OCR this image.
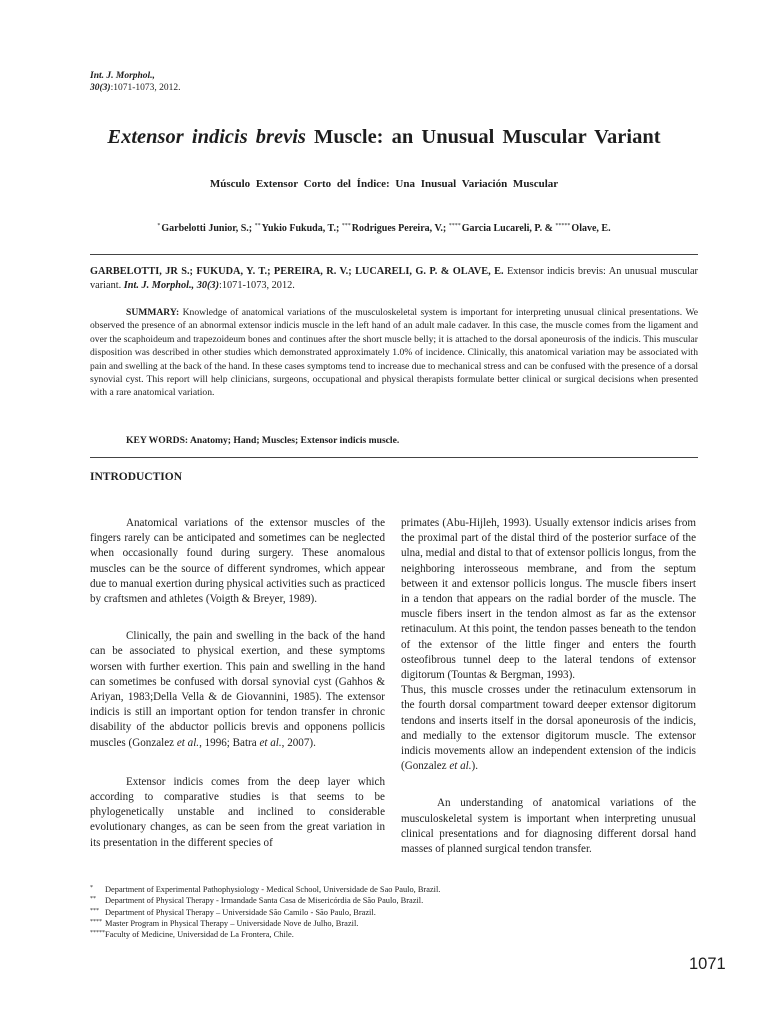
Int. J. Morphol.,
30(3):1071-1073, 2012.
Extensor indicis brevis Muscle: an Unusual Muscular Variant
Músculo Extensor Corto del Índice: Una Inusual Variación Muscular
*Garbelotti Junior, S.; **Yukio Fukuda, T.; ***Rodrigues Pereira, V.; ****Garcia Lucareli, P. & *****Olave, E.
GARBELOTTI, JR S.; FUKUDA, Y. T.; PEREIRA, R. V.; LUCARELI, G. P. & OLAVE, E. Extensor indicis brevis: An unusual muscular variant. Int. J. Morphol., 30(3):1071-1073, 2012.
SUMMARY: Knowledge of anatomical variations of the musculoskeletal system is important for interpreting unusual clinical presentations. We observed the presence of an abnormal extensor indicis muscle in the left hand of an adult male cadaver. In this case, the muscle comes from the ligament and over the scaphoideum and trapezoideum bones and continues after the short muscle belly; it is attached to the dorsal aponeurosis of the indicis. This muscular disposition was described in other studies which demonstrated approximately 1.0% of incidence. Clinically, this anatomical variation may be associated with pain and swelling at the back of the hand. In these cases symptoms tend to increase due to mechanical stress and can be confused with the presence of a dorsal synovial cyst. This report will help clinicians, surgeons, occupational and physical therapists formulate better clinical or surgical decisions when presented with a rare anatomical variation.
KEY WORDS: Anatomy; Hand; Muscles; Extensor indicis muscle.
INTRODUCTION

Anatomical variations of the extensor muscles of the fingers rarely can be anticipated and sometimes can be neglected when occasionally found during surgery. These anomalous muscles can be the source of different syndromes, which appear due to manual exertion during physical activities such as practiced by craftsmen and athletes (Voigth & Breyer, 1989).

Clinically, the pain and swelling in the back of the hand can be associated to physical exertion, and these symptoms worsen with further exertion. This pain and swelling in the hand can sometimes be confused with dorsal synovial cyst (Gahhos & Ariyan, 1983;Della Vella & de Giovannini, 1985). The extensor indicis is still an important option for tendon transfer in chronic disability of the abductor pollicis brevis and opponens pollicis muscles (Gonzalez et al., 1996; Batra et al., 2007).

Extensor indicis comes from the deep layer which according to comparative studies is that seems to be phylogenetically unstable and inclined to considerable evolutionary changes, as can be seen from the great variation in its presentation in the different species of

primates (Abu-Hijleh, 1993). Usually extensor indicis arises from the proximal part of the distal third of the posterior surface of the ulna, medial and distal to that of extensor pollicis longus, from the neighboring interosseous membrane, and from the septum between it and extensor pollicis longus. The muscle fibers insert in a tendon that appears on the radial border of the muscle. The muscle fibers insert in the tendon almost as far as the extensor retinaculum. At this point, the tendon passes beneath to the tendon of the extensor of the little finger and enters the fourth osteofibrous tunnel deep to the lateral tendons of extensor digitorum (Tountas & Bergman, 1993).

Thus, this muscle crosses under the retinaculum extensorum in the fourth dorsal compartment toward deeper extensor digitorum tendons and inserts itself in the dorsal aponeurosis of the indicis, and medially to the extensor digitorum muscle. The extensor indicis movements allow an independent extension of the indicis (Gonzalez et al.).

An understanding of anatomical variations of the musculoskeletal system is important when interpreting unusual clinical presentations and for diagnosing different dorsal hand masses of planned surgical tendon transfer.

*	Department of Experimental Pathophysiology - Medical School, Universidade de Sao Paulo, Brazil.
**	Department of Physical Therapy - Irmandade Santa Casa de Misericórdia de São Paulo, Brazil.
*** Department of Physical Therapy – Universidade São Camilo - São Paulo, Brazil.
**** Master Program in Physical Therapy – Universidade Nove de Julho, Brazil.
***** Faculty of Medicine, Universidad de La Frontera, Chile.
1071
